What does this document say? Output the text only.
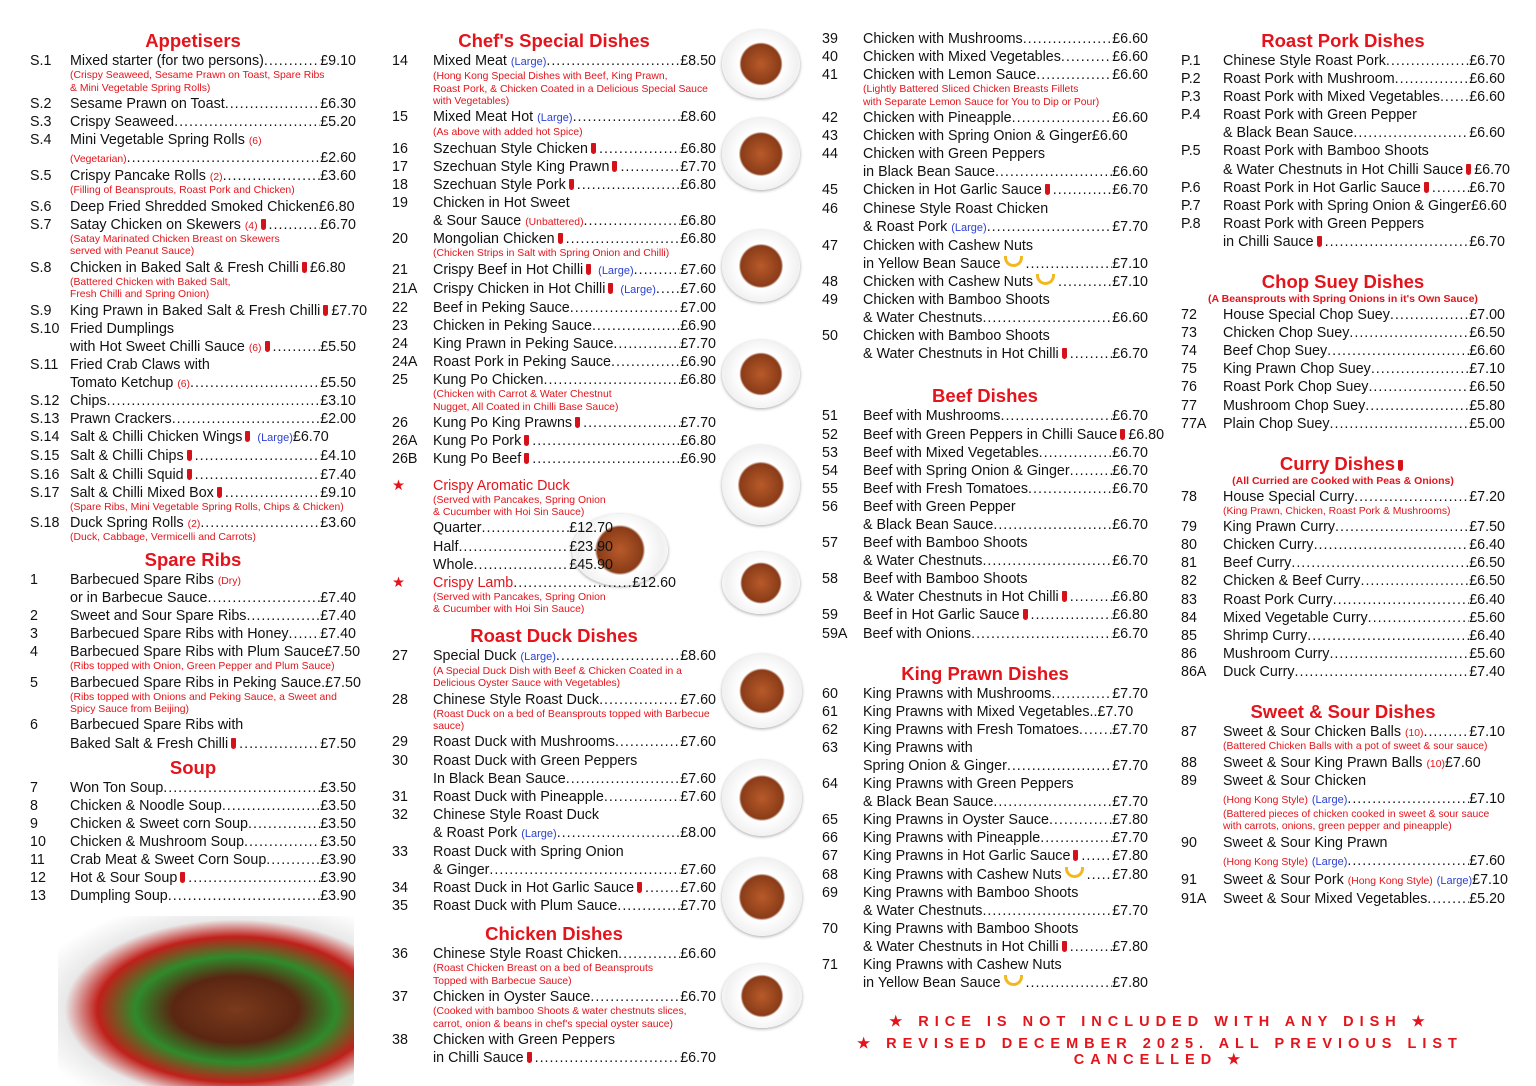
Appetisers
S.1	Mixed starter (for two persons) .....	£9.10
(Crispy Seaweed, Sesame Prawn on Toast, Spare Ribs
& Mini Vegetable Spring Rolls)
S.2	Sesame Prawn on Toast .....	£6.30
S.3	Crispy Seaweed .....	£5.20
S.4	Mini Vegetable Spring Rolls (6)
(Vegetarian) .....	£2.60
S.5	Crispy Pancake Rolls (2) .....	£3.60
(Filling of Beansprouts, Roast Pork and Chicken)
S.6	Deep Fried Shredded Smoked Chicken £6.80
S.7	Satay Chicken on Skewers (4) .....	£6.70
(Satay Marinated Chicken Breast on Skewers
served with Peanut Sauce)
S.8	Chicken in Baked Salt & Fresh Chilli £6.80
(Battered Chicken with Baked Salt,
Fresh Chilli and Spring Onion)
S.9	King Prawn in Baked Salt & Fresh Chilli £7.70
S.10 Fried Dumplings
with Hot Sweet Chilli Sauce (6) .....	£5.50
S.11 Fried Crab Claws with
Tomato Ketchup (6) .....	£5.50
S.12 Chips .....	£3.10
S.13 Prawn Crackers .....	£2.00
S.14 Salt & Chilli Chicken Wings (Large) £6.70
S.15 Salt & Chilli Chips .....	£4.10
S.16 Salt & Chilli Squid .....	£7.40
S.17 Salt & Chilli Mixed Box .....	£9.10
(Spare Ribs, Mini Vegetable Spring Rolls, Chips & Chicken)
S.18 Duck Spring Rolls (2) .....	£3.60
(Duck, Cabbage, Vermicelli and Carrots)
Spare Ribs
1	Barbecued Spare Ribs (Dry)
or in Barbecue Sauce .....	£7.40
2	Sweet and Sour Spare Ribs .....	£7.40
3	Barbecued Spare Ribs with Honey ..... £7.40
4	Barbecued Spare Ribs with Plum Sauce £7.50
(Ribs topped with Onion, Green Pepper and Plum Sauce)
5	Barbecued Spare Ribs in Peking Sauce. £7.50
(Ribs topped with Onions and Peking Sauce, a Sweet and
Spicy Sauce from Beijing)
6	Barbecued Spare Ribs with
Baked Salt & Fresh Chilli .....	£7.50
Soup
7	Won Ton Soup .....	£3.50
8	Chicken & Noodle Soup .....	£3.50
9	Chicken & Sweet corn Soup .....	£3.50
10	Chicken & Mushroom Soup .....	£3.50
11	Crab Meat & Sweet Corn Soup .....	£3.90
12	Hot & Sour Soup .....	£3.90
13	Dumpling Soup .....	£3.90
Chef's Special Dishes
14	Mixed Meat (Large) .....	£8.50
(Hong Kong Special Dishes with Beef, King Prawn,
Roast Pork, & Chicken Coated in a Delicious Special Sauce
with Vegetables)
15	Mixed Meat Hot (Large) .....	£8.60
(As above with added hot Spice)
16	Szechuan Style Chicken .....	£6.80
17	Szechuan Style King Prawn .....	£7.70
18	Szechuan Style Pork .....	£6.80
19	Chicken in Hot Sweet
& Sour Sauce (Unbattered) .....	£6.80
20	Mongolian Chicken .....	£6.80
(Chicken Strips in Salt with Spring Onion and Chilli)
21	Crispy Beef in Hot Chilli (Large) .....	£7.60
21A	Crispy Chicken in Hot Chilli (Large) ..... £7.60
22	Beef in Peking Sauce .....	£7.00
23	Chicken in Peking Sauce .....	£6.90
24	King Prawn in Peking Sauce .....	£7.70
24A	Roast Pork in Peking Sauce .....	£6.90
25	Kung Po Chicken .....	£6.80
(Chicken with Carrot & Water Chestnut
Nugget, All Coated in Chilli Base Sauce)
26	Kung Po King Prawns .....	£7.70
26A	Kung Po Pork .....	£6.80
26B	Kung Po Beef .....	£6.90
★	Crispy Aromatic Duck
(Served with Pancakes, Spring Onion
& Cucumber with Hoi Sin Sauce)
Quarter .....	£12.70
Half .....	£23.90
Whole .....	£45.90
★	Crispy Lamb .....	£12.60
(Served with Pancakes, Spring Onion
& Cucumber with Hoi Sin Sauce)
Roast Duck Dishes
27	Special Duck (Large) .....	£8.60
(A Special Duck Dish with Beef & Chicken Coated in a
Delicious Oyster Sauce with Vegetables)
28	Chinese Style Roast Duck .....	£7.60
(Roast Duck on a bed of Beansprouts topped with Barbecue sauce)
29	Roast Duck with Mushrooms .....	£7.60
30	Roast Duck with Green Peppers
In Black Bean Sauce .....	£7.60
31	Roast Duck with Pineapple .....	£7.60
32	Chinese Style Roast Duck
& Roast Pork (Large) .....	£8.00
33	Roast Duck with Spring Onion
& Ginger .....	£7.60
34	Roast Duck in Hot Garlic Sauce .....	£7.60
35	Roast Duck with Plum Sauce .....	£7.70
Chicken Dishes
36	Chinese Style Roast Chicken .....	£6.60
(Roast Chicken Breast on a bed of Beansprouts
Topped with Barbecue Sauce)
37	Chicken in Oyster Sauce .....	£6.70
(Cooked with bamboo Shoots & water chestnuts slices,
carrot, onion & beans in chef's special oyster sauce)
38	Chicken with Green Peppers
in Chilli Sauce .....	£6.70
39	Chicken with Mushrooms .....	£6.60
40	Chicken with Mixed Vegetables .....	£6.60
41	Chicken with Lemon Sauce .....	£6.60
(Lightly Battered Sliced Chicken Breasts Fillets
with Separate Lemon Sauce for You to Dip or Pour)
42	Chicken with Pineapple .....	£6.60
43	Chicken with Spring Onion & Ginger £6.60
44	Chicken with Green Peppers
in Black Bean Sauce .....	£6.60
45	Chicken in Hot Garlic Sauce .....	£6.70
46	Chinese Style Roast Chicken
& Roast Pork (Large) .....	£7.70
47	Chicken with Cashew Nuts
in Yellow Bean Sauce .....	£7.10
48	Chicken with Cashew Nuts .....	£7.10
49	Chicken with Bamboo Shoots
& Water Chestnuts .....	£6.60
50	Chicken with Bamboo Shoots
& Water Chestnuts in Hot Chilli .....	£6.70
Beef Dishes
51	Beef with Mushrooms .....	£6.70
52	Beef with Green Peppers in Chilli Sauce £6.80
53	Beef with Mixed Vegetables .....	£6.70
54	Beef with Spring Onion & Ginger .....	£6.70
55	Beef with Fresh Tomatoes .....	£6.70
56	Beef with Green Pepper
& Black Bean Sauce .....	£6.70
57	Beef with Bamboo Shoots
& Water Chestnuts .....	£6.70
58	Beef with Bamboo Shoots
& Water Chestnuts in Hot Chilli .....	£6.80
59	Beef in Hot Garlic Sauce .....	£6.80
59A	Beef with Onions .....	£6.70
King Prawn Dishes
60	King Prawns with Mushrooms .....	£7.70
61	King Prawns with Mixed Vegetables.. £7.70
62	King Prawns with Fresh Tomatoes ..... £7.70
63	King Prawns with
Spring Onion & Ginger .....	£7.70
64	King Prawns with Green Peppers
& Black Bean Sauce .....	£7.70
65	King Prawns in Oyster Sauce .....	£7.80
66	King Prawns with Pineapple .....	£7.70
67	King Prawns in Hot Garlic Sauce .....	£7.80
68	King Prawns with Cashew Nuts .....	£7.80
69	King Prawns with Bamboo Shoots
& Water Chestnuts .....	£7.70
70	King Prawns with Bamboo Shoots
& Water Chestnuts in Hot Chilli .....	£7.80
71	King Prawns with Cashew Nuts
in Yellow Bean Sauce .....	£7.80
Roast Pork Dishes
P.1	Chinese Style Roast Pork .....	£6.70
P.2	Roast Pork with Mushroom .....	£6.60
P.3	Roast Pork with Mixed Vegetables ..... £6.60
P.4	Roast Pork with Green Pepper
& Black Bean Sauce .....	£6.60
P.5	Roast Pork with Bamboo Shoots
& Water Chestnuts in Hot Chilli Sauce £6.70
P.6	Roast Pork in Hot Garlic Sauce .....	£6.70
P.7	Roast Pork with Spring Onion & Ginger £6.60
P.8	Roast Pork with Green Peppers
in Chilli Sauce .....	£6.70
Chop Suey Dishes
(A Beansprouts with Spring Onions in it's Own Sauce)
72	House Special Chop Suey .....	£7.00
73	Chicken Chop Suey .....	£6.50
74	Beef Chop Suey .....	£6.60
75	King Prawn Chop Suey .....	£7.10
76	Roast Pork Chop Suey .....	£6.50
77	Mushroom Chop Suey .....	£5.80
77A	Plain Chop Suey .....	£5.00
Curry Dishes
(All Curried are Cooked with Peas & Onions)
78	House Special Curry .....	£7.20
(King Prawn, Chicken, Roast Pork & Mushrooms)
79	King Prawn Curry .....	£7.50
80	Chicken Curry .....	£6.40
81	Beef Curry .....	£6.50
82	Chicken & Beef Curry .....	£6.50
83	Roast Pork Curry .....	£6.40
84	Mixed Vegetable Curry .....	£5.60
85	Shrimp Curry .....	£6.40
86	Mushroom Curry .....	£5.60
86A	Duck Curry .....	£7.40
Sweet & Sour Dishes
87	Sweet & Sour Chicken Balls (10) .....	£7.10
(Battered Chicken Balls with a pot of sweet & sour sauce)
88	Sweet & Sour King Prawn Balls (10) £7.60
89	Sweet & Sour Chicken
(Hong Kong Style) (Large) .....	£7.10
(Battered pieces of chicken cooked in sweet & sour sauce
with carrots, onions, green pepper and pineapple)
90	Sweet & Sour King Prawn
(Hong Kong Style) (Large) .....	£7.60
91	Sweet & Sour Pork (Hong Kong Style) (Large) £7.10
91A	Sweet & Sour Mixed Vegetables .....	£5.20
★ RICE IS NOT INCLUDED WITH ANY DISH ★
★ REVISED DECEMBER 2025. ALL PREVIOUS LIST CANCELLED ★
